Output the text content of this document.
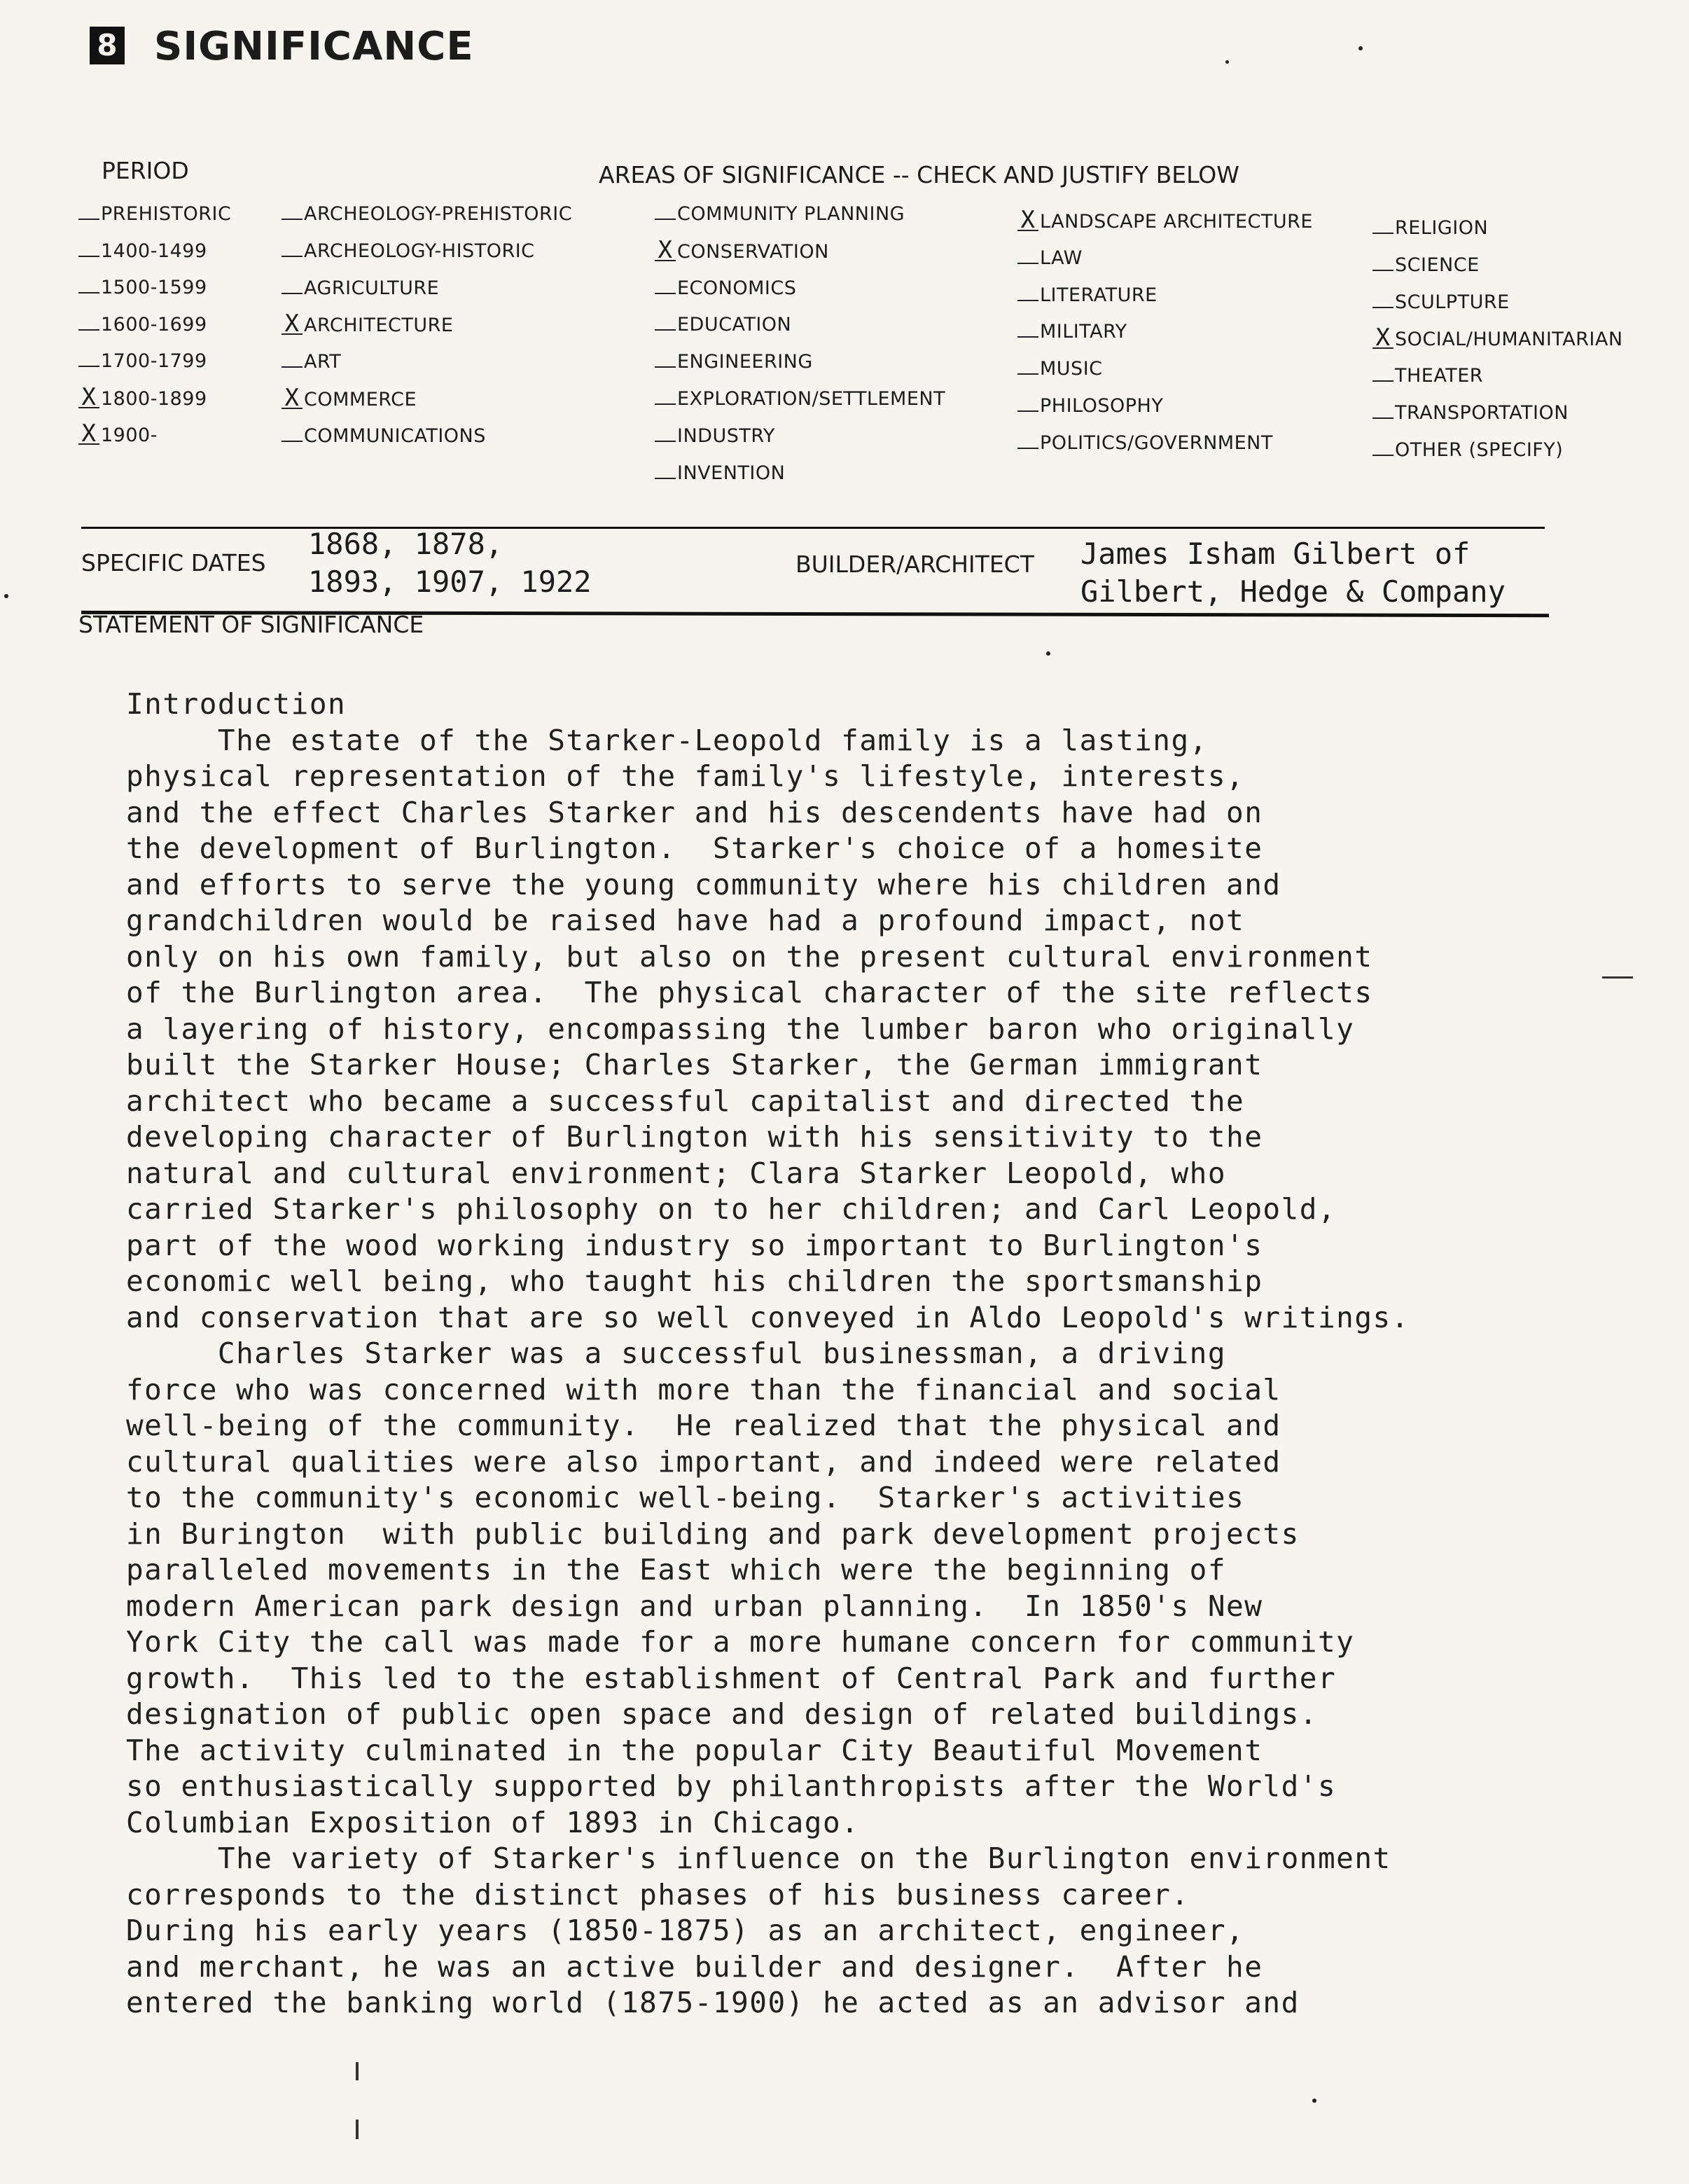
8 SIGNIFICANCE
PERIOD	AREAS OF SIGNIFICANCE -- CHECK AND JUSTIFY BELOW
PREHISTORIC
1400-1499
1500-1599
1600-1699
1700-1799
X 1800-1899
X 1900-
ARCHEOLOGY-PREHISTORIC
ARCHEOLOGY-HISTORIC
AGRICULTURE
X ARCHITECTURE
ART
X COMMERCE
COMMUNICATIONS
COMMUNITY PLANNING
X CONSERVATION
ECONOMICS
EDUCATION
ENGINEERING
EXPLORATION/SETTLEMENT
INDUSTRY
INVENTION
X LANDSCAPE ARCHITECTURE
LAW
LITERATURE
MILITARY
MUSIC
PHILOSOPHY
POLITICS/GOVERNMENT
RELIGION
SCIENCE
SCULPTURE
X SOCIAL/HUMANITARIAN
THEATER
TRANSPORTATION
OTHER (SPECIFY)
SPECIFIC DATES
1868, 1878,
1893, 1907, 1922
BUILDER/ARCHITECT James Isham Gilbert of
Gilbert, Hedge & Company
STATEMENT OF SIGNIFICANCE
Introduction
The estate of the Starker-Leopold family is a lasting,
physical representation of the family's lifestyle, interests,
and the effect Charles Starker and his descendents have had on
the development of Burlington.  Starker's choice of a homesite
and efforts to serve the young community where his children and
grandchildren would be raised have had a profound impact, not
only on his own family, but also on the present cultural environment
of the Burlington area.  The physical character of the site reflects
a layering of history, encompassing the lumber baron who originally
built the Starker House; Charles Starker, the German immigrant
architect who became a successful capitalist and directed the
developing character of Burlington with his sensitivity to the
natural and cultural environment; Clara Starker Leopold, who
carried Starker's philosophy on to her children; and Carl Leopold,
part of the wood working industry so important to Burlington's
economic well being, who taught his children the sportsmanship
and conservation that are so well conveyed in Aldo Leopold's writings.
Charles Starker was a successful businessman, a driving
force who was concerned with more than the financial and social
well-being of the community.  He realized that the physical and
cultural qualities were also important, and indeed were related
to the community's economic well-being.  Starker's activities
in Burington  with public building and park development projects
paralleled movements in the East which were the beginning of
modern American park design and urban planning.  In 1850's New
York City the call was made for a more humane concern for community
growth.  This led to the establishment of Central Park and further
designation of public open space and design of related buildings.
The activity culminated in the popular City Beautiful Movement
so enthusiastically supported by philanthropists after the World's
Columbian Exposition of 1893 in Chicago.
The variety of Starker's influence on the Burlington environment
corresponds to the distinct phases of his business career.
During his early years (1850-1875) as an architect, engineer,
and merchant, he was an active builder and designer.  After he
entered the banking world (1875-1900) he acted as an advisor and
